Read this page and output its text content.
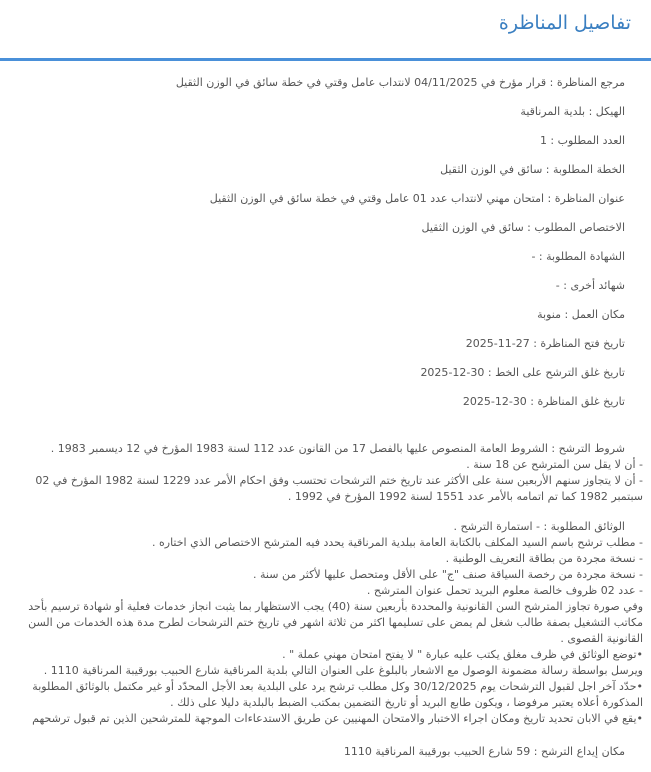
تفاصيل المناظرة
مرجع المناظرة : قرار مؤرخ في 04/11/2025 لانتداب عامل وقتي في خطة سائق في الوزن الثقيل
الهيكل : بلدية المرناقية
العدد المطلوب : 1
الخطة المطلوبة : سائق في الوزن الثقيل
عنوان المناظرة : امتحان مهني لانتداب عدد 01 عامل وقتي في خطة سائق في الوزن الثقيل
الاختصاص المطلوب : سائق في الوزن الثقيل
الشهادة المطلوبة : -
شهائد أخرى : -
مكان العمل : منوبة
تاريخ فتح المناظرة : 27-11-2025
تاريخ غلق الترشح على الخط : 30-12-2025
تاريخ غلق المناظرة : 30-12-2025

شروط الترشح : الشروط العامة المنصوص عليها بالفصل 17 من القانون عدد 112 لسنة 1983 المؤرخ في 12 ديسمبر 1983 .

- أن لا يقل سن المترشح عن 18 سنة .

- أن لا يتجاوز سنهم الأربعين سنة على الأكثر عند تاريخ ختم الترشحات تحتسب وفق احكام الأمر عدد 1229 لسنة 1982 المؤرخ في 02 سبتمبر 1982 كما تم اتمامه بالأمر عدد 1551 لسنة 1992 المؤرخ في 1992 .

الوثائق المطلوبة : - استمارة الترشح .

- مطلب ترشح باسم السيد المكلف بالكتابة العامة ببلدية المرناقية يحدد فيه المترشح الاختصاص الذي اختاره .

- نسخة مجردة من بطاقة التعريف الوطنية .

- نسخة مجردة من رخصة السياقة صنف "ج" على الأقل ومتحصل عليها لأكثر من سنة .

- عدد 02 ظروف خالصة معلوم البريد تحمل عنوان المترشح .

وفي صورة تجاوز المترشح السن القانونية والمحددة بأربعين سنة (40) يجب الاستظهار بما يثبت انجاز خدمات فعلية أو شهادة ترسيم بأحد مكاتب التشغيل بصفة طالب شغل لم يمض على تسليمها اكثر من ثلاثة اشهر في تاريخ ختم الترشحات لطرح مدة هذه الخدمات من السن القانونية القصوى .

•توضع الوثائق في ظرف مغلق يكتب عليه عبارة " لا يفتح امتحان مهني عملة " .

ويرسل بواسطة رسالة مضمونة الوصول مع الاشعار بالبلوغ على العنوان التالي بلدية المرناقية شارع الحبيب بورقيبة المرناقية 1110 .

•حدّد آخر اجل لقبول الترشحات يوم 30/12/2025 وكل مطلب ترشح يرد على البلدية بعد الأجل المحدّد أو غير مكتمل بالوثائق المطلوبة المذكورة أعلاه يعتبر مرفوضا ، ويكون طابع البريد أو تاريخ التضمين بمكتب الضبط بالبلدية دليلا على ذلك .

•يقع في الابان تحديد تاريخ ومكان اجراء الاختبار والامتحان المهنيين عن طريق الاستدعاءات الموجهة للمترشحين الذين تم قبول ترشحهم

مكان إيداع الترشح : 59 شارع الحبيب بورقيبة المرناقية 1110
